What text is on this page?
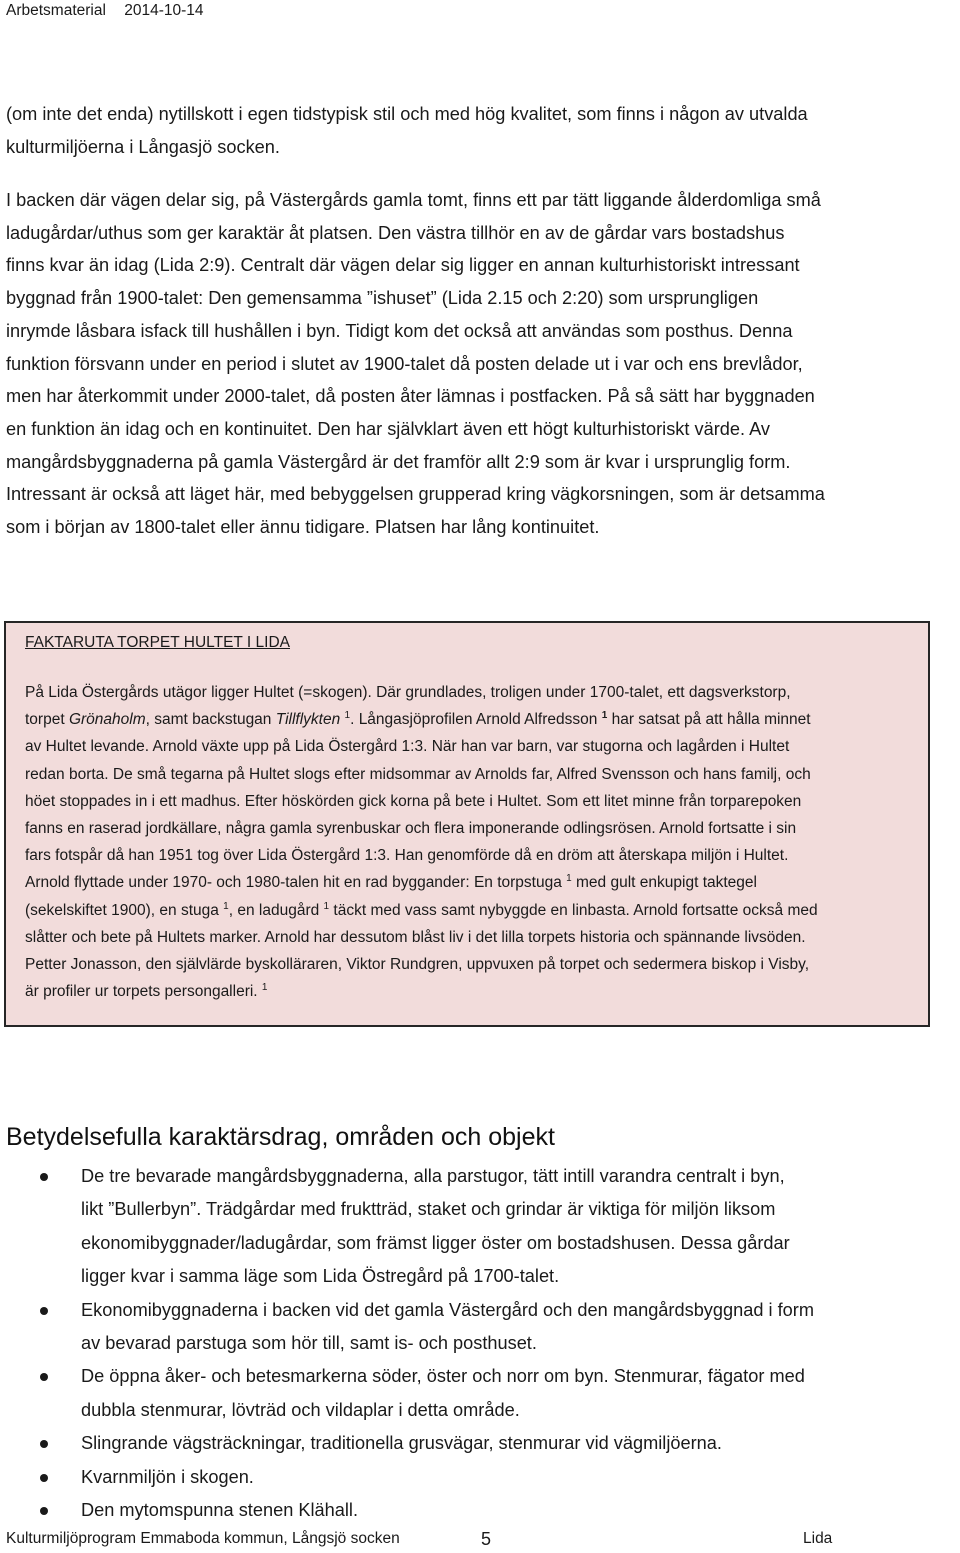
Arbetsmaterial 2014-10-14
(om inte det enda) nytillskott i egen tidstypisk stil och med hög kvalitet, som finns i någon av utvalda
kulturmiljöerna i Långasjö socken.
I backen där vägen delar sig, på Västergårds gamla tomt, finns ett par tätt liggande ålderdomliga små
ladugårdar/uthus som ger karaktär åt platsen. Den västra tillhör en av de gårdar vars bostadshus
finns kvar än idag (Lida 2:9). Centralt där vägen delar sig ligger en annan kulturhistoriskt intressant
byggnad från 1900-talet: Den gemensamma ”ishuset” (Lida 2.15 och 2:20) som ursprungligen
inrymde låsbara isfack till hushållen i byn. Tidigt kom det också att användas som posthus. Denna
funktion försvann under en period i slutet av 1900-talet då posten delade ut i var och ens brevlådor,
men har återkommit under 2000-talet, då posten åter lämnas i postfacken. På så sätt har byggnaden
en funktion än idag och en kontinuitet. Den har självklart även ett högt kulturhistoriskt värde. Av
mangårdsbyggnaderna på gamla Västergård är det framför allt 2:9 som är kvar i ursprunglig form.
Intressant är också att läget här, med bebyggelsen grupperad kring vägkorsningen, som är detsamma
som i början av 1800-talet eller ännu tidigare. Platsen har lång kontinuitet.
FAKTARUTA TORPET HULTET I LIDA
På Lida Östergårds utägor ligger Hultet (=skogen). Där grundlades, troligen under 1700-talet, ett dagsverkstorp,
torpet Grönaholm, samt backstugan Tillflykten $^1$. Långasjöprofilen Arnold Alfredsson $^1$ har satsat på att hålla minnet
av Hultet levande. Arnold växte upp på Lida Östergård 1:3. När han var barn, var stugorna och lagården i Hultet
redan borta. De små tegarna på Hultet slogs efter midsommar av Arnolds far, Alfred Svensson och hans familj, och
höet stoppades in i ett madhus. Efter höskörden gick korna på bete i Hultet. Som ett litet minne från torparepoken
fanns en raserad jordkällare, några gamla syrenbuskar och flera imponerande odlingsrösen. Arnold fortsatte i sin
fars fotspår då han 1951 tog över Lida Östergård 1:3. Han genomförde då en dröm att återskapa miljön i Hultet.
Arnold flyttade under 1970- och 1980-talen hit en rad byggander: En torpstuga $^1$ med gult enkupigt taktegel
(sekelskiftet 1900), en stuga $^1$, en ladugård $^1$ täckt med vass samt nybyggde en linbasta. Arnold fortsatte också med
slåtter och bete på Hultets marker. Arnold har dessutom blåst liv i det lilla torpets historia och spännande livsöden.
Petter Jonasson, den självlärde byskollärаren, Viktor Rundgren, uppvuxen på torpet och sedermera biskop i Visby,
är profiler ur torpets persongalleri. $^1$
Betydelsefulla karaktärsdrag, områden och objekt
De tre bevarade mangårdsbyggnaderna, alla parstugor, tätt intill varandra centralt i byn,
likt ”Bullerbyn”. Trädgårdar med fruktträd, staket och grindar är viktiga för miljön liksom
ekonomibyggnader/ladugårdar, som främst ligger öster om bostadshusen. Dessa gårdar
ligger kvar i samma läge som Lida Östregård på 1700-talet.
Ekonomibyggnaderna i backen vid det gamla Västergård och den mangårdsbyggnad i form
av bevarad parstuga som hör till, samt is- och posthuset.
De öppna åker- och betesmarkerna söder, öster och norr om byn. Stenmurar, fägator med
dubbla stenmurar, lövträd och vildaplar i detta område.
Slingrande vägsträckningar, traditionella grusvägar, stenmurar vid vägmiljöerna.
Kvarnmiljön i skogen.
Den mytomspunna stenen Klähall.
Kulturmiljöprogram Emmaboda kommun, Långsjö socken	5	Lida
